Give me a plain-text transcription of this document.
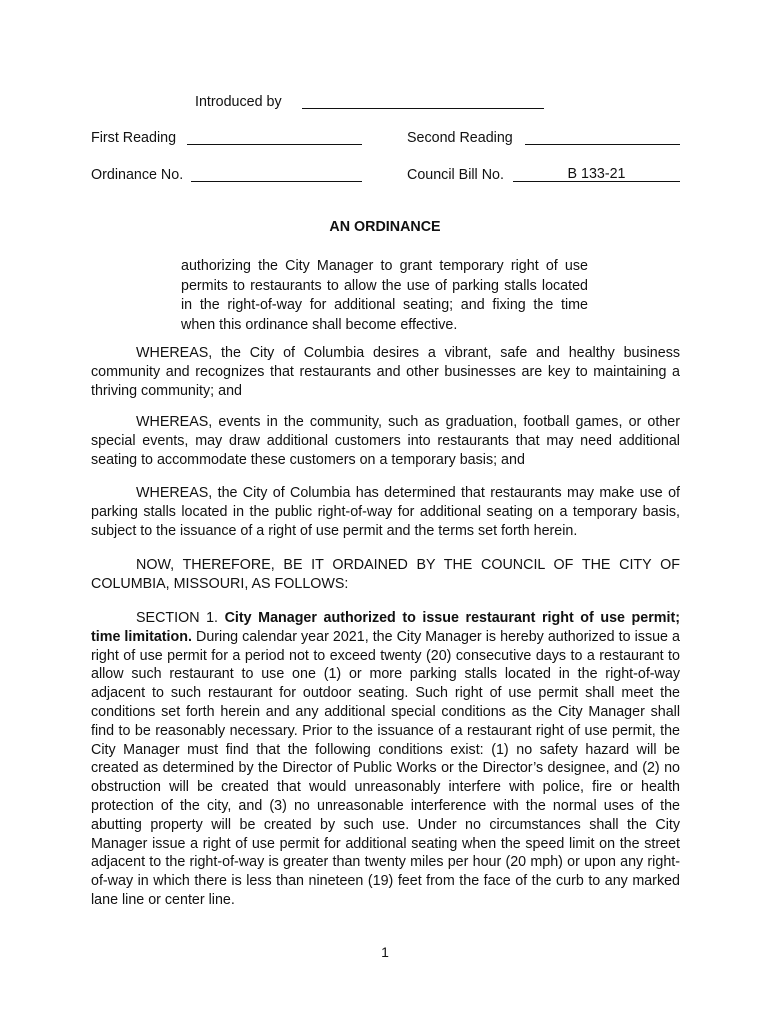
Introduced by
First Reading	Second Reading
Ordinance No.	Council Bill No.	B 133-21
AN ORDINANCE
authorizing the City Manager to grant temporary right of use permits to restaurants to allow the use of parking stalls located in the right-of-way for additional seating; and fixing the time when this ordinance shall become effective.
WHEREAS, the City of Columbia desires a vibrant, safe and healthy business community and recognizes that restaurants and other businesses are key to maintaining a thriving community; and
WHEREAS, events in the community, such as graduation, football games, or other special events, may draw additional customers into restaurants that may need additional seating to accommodate these customers on a temporary basis; and
WHEREAS, the City of Columbia has determined that restaurants may make use of parking stalls located in the public right-of-way for additional seating on a temporary basis, subject to the issuance of a right of use permit and the terms set forth herein.
NOW, THEREFORE, BE IT ORDAINED BY THE COUNCIL OF THE CITY OF COLUMBIA, MISSOURI, AS FOLLOWS:
SECTION 1. City Manager authorized to issue restaurant right of use permit; time limitation. During calendar year 2021, the City Manager is hereby authorized to issue a right of use permit for a period not to exceed twenty (20) consecutive days to a restaurant to allow such restaurant to use one (1) or more parking stalls located in the right-of-way adjacent to such restaurant for outdoor seating. Such right of use permit shall meet the conditions set forth herein and any additional special conditions as the City Manager shall find to be reasonably necessary. Prior to the issuance of a restaurant right of use permit, the City Manager must find that the following conditions exist: (1) no safety hazard will be created as determined by the Director of Public Works or the Director’s designee, and (2) no obstruction will be created that would unreasonably interfere with police, fire or health protection of the city, and (3) no unreasonable interference with the normal uses of the abutting property will be created by such use. Under no circumstances shall the City Manager issue a right of use permit for additional seating when the speed limit on the street adjacent to the right-of-way is greater than twenty miles per hour (20 mph) or upon any right-of-way in which there is less than nineteen (19) feet from the face of the curb to any marked lane line or center line.
1
